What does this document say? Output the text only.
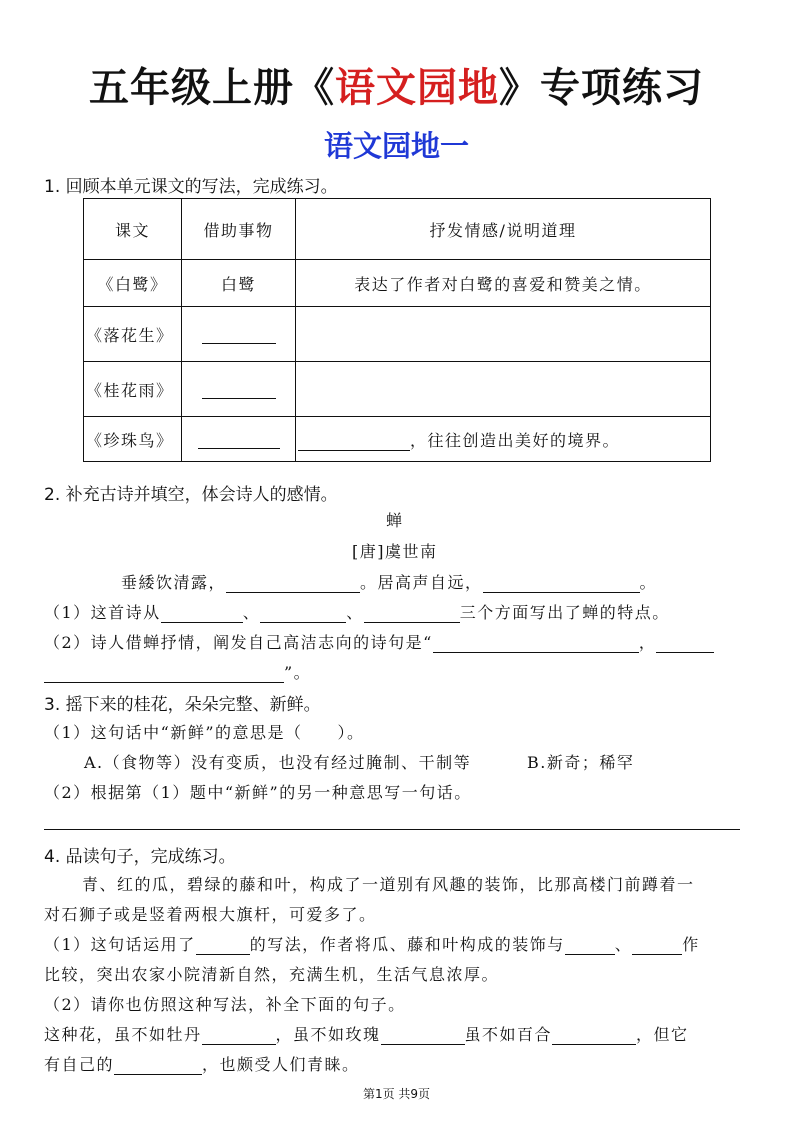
五年级上册《语文园地》专项练习
语文园地一
1. 回顾本单元课文的写法，完成练习。
课文	借助事物	抒发情感/说明道理
《白鹭》	白鹭	表达了作者对白鹭的喜爱和赞美之情。
《落花生》		
《桂花雨》		
《珍珠鸟》		，往往创造出美好的境界。
2. 补充古诗并填空，体会诗人的感情。
蝉
[唐]虞世南
垂緌饮清露，	。居高声自远，	。
（1）这首诗从	、	、	三个方面写出了蝉的特点。
（2）诗人借蝉抒情，阐发自己高洁志向的诗句是“	，
”。
3. 摇下来的桂花，朵朵完整、新鲜。
（1）这句话中“新鲜”的意思是（　　）。
A.（食物等）没有变质，也没有经过腌制、干制等	B.新奇；稀罕
（2）根据第（1）题中“新鲜”的另一种意思写一句话。
4. 品读句子，完成练习。
青、红的瓜，碧绿的藤和叶，构成了一道别有风趣的装饰，比那高楼门前蹲着一
对石狮子或是竖着两根大旗杆，可爱多了。
（1）这句话运用了	的写法，作者将瓜、藤和叶构成的装饰与	、	作
比较，突出农家小院清新自然，充满生机，生活气息浓厚。
（2）请你也仿照这种写法，补全下面的句子。
这种花，虽不如牡丹	，虽不如玫瑰	虽不如百合	，但它
有自己的	，也颇受人们青睐。
第1页 共9页
